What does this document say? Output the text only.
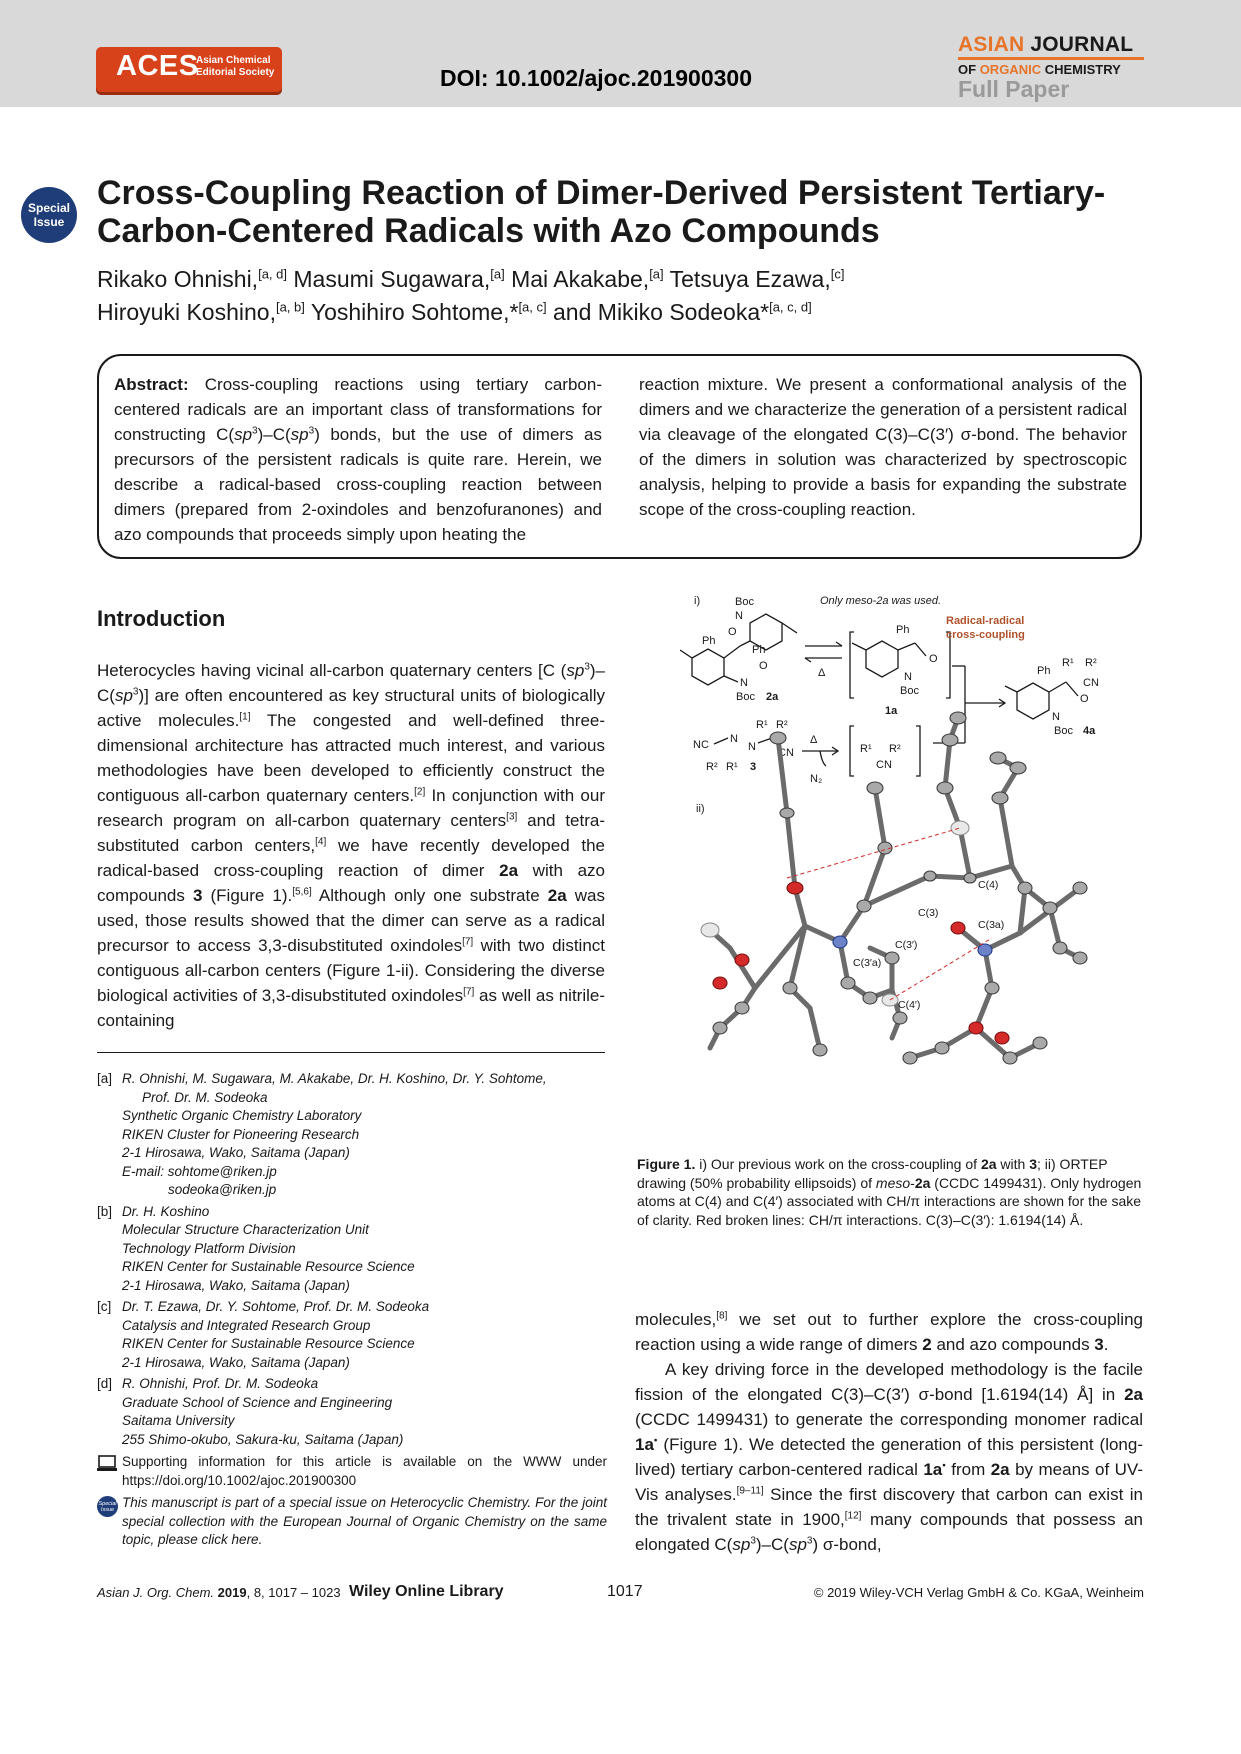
ACES
Asian Chemical
Editorial Society	DOI: 10.1002/ajoc.201900300
ASIAN JOURNAL
OF ORGANIC CHEMISTRY
Full Paper
Special
Issue
Cross-Coupling Reaction of Dimer-Derived Persistent Tertiary-
Carbon-Centered Radicals with Azo Compounds
Rikako Ohnishi,[a, d] Masumi Sugawara,[a] Mai Akakabe,[a] Tetsuya Ezawa,[c]
Hiroyuki Koshino,[a, b] Yoshihiro Sohtome,*[a, c] and Mikiko Sodeoka*[a, c, d]
Abstract: Cross-coupling reactions using tertiary carbon-centered radicals are an important class of transformations for constructing $C(sp^3)-C(sp^3)$ bonds, but the use of dimers as precursors of the persistent radicals is quite rare. Herein, we describe a radical-based cross-coupling reaction between dimers (prepared from 2-oxindoles and benzofuranones) and azo compounds that proceeds simply upon heating the
reaction mixture. We present a conformational analysis of the dimers and we characterize the generation of a persistent radical via cleavage of the elongated C(3)–C(3′) σ-bond. The behavior of the dimers in solution was characterized by spectroscopic analysis, helping to provide a basis for expanding the substrate scope of the cross-coupling reaction.
Introduction

Heterocycles having vicinal all-carbon quaternary centers [C $(sp^3)-C(sp^3)$] are often encountered as key structural units of biologically active molecules.[1] The congested and well-defined three-dimensional architecture has attracted much interest, and various methodologies have been developed to efficiently construct the contiguous all-carbon quaternary centers.[2] In conjunction with our research program on all-carbon quaternary centers[3] and tetra-substituted carbon centers,[4] we have recently developed the radical-based cross-coupling reaction of dimer 2a with azo compounds 3 (Figure 1).[5,6] Although only one substrate 2a was used, those results showed that the dimer can serve as a radical precursor to access 3,3-disubstituted oxindoles[7] with two distinct contiguous all-carbon centers (Figure 1-ii). Considering the diverse biological activities of 3,3-disubstituted oxindoles[7] as well as nitrile-containing

[a] R. Ohnishi, M. Sugawara, M. Akakabe, Dr. H. Koshino, Dr. Y. Sohtome,
Prof. Dr. M. Sodeoka
Synthetic Organic Chemistry Laboratory
RIKEN Cluster for Pioneering Research
2-1 Hirosawa, Wako, Saitama (Japan)
E-mail: sohtome@riken.jp
sodeoka@riken.jp
[b] Dr. H. Koshino
Molecular Structure Characterization Unit
Technology Platform Division
RIKEN Center for Sustainable Resource Science
2-1 Hirosawa, Wako, Saitama (Japan)
[c] Dr. T. Ezawa, Dr. Y. Sohtome, Prof. Dr. M. Sodeoka
Catalysis and Integrated Research Group
RIKEN Center for Sustainable Resource Science
2-1 Hirosawa, Wako, Saitama (Japan)
[d] R. Ohnishi, Prof. Dr. M. Sodeoka
Graduate School of Science and Engineering
Saitama University
255 Shimo-okubo, Sakura-ku, Saitama (Japan)
Supporting information for this article is available on the WWW under https://doi.org/10.1002/ajoc.201900300
Special
Issue This manuscript is part of a special issue on Heterocyclic Chemistry. For the joint special collection with the European Journal of Organic Chemistry on the same topic, please click here.
i)	Only meso-2a was used.
Boc
N
O
Ph
Ph
N
O
Boc 2a
Δ
Ph
O
N
Boc
1a
Radical-radical
cross-coupling
Ph
R¹ R²
CN
O
N
Boc 4a
NC N
N
R¹ R²
CN
R² R¹ 3
Δ
N₂
R¹ R²
CN
ii)
C(4)
C(3)
C(3a)
C(3′)
C(3′a)
C(4′)
Figure 1. i) Our previous work on the cross-coupling of 2a with 3; ii) ORTEP drawing (50% probability ellipsoids) of meso-2a (CCDC 1499431). Only hydrogen atoms at C(4) and C(4′) associated with CH/π interactions are shown for the sake of clarity. Red broken lines: CH/π interactions. C(3)–C(3′): 1.6194(14) Å.

molecules,[8] we set out to further explore the cross-coupling reaction using a wide range of dimers 2 and azo compounds 3.

A key driving force in the developed methodology is the facile fission of the elongated C(3)–C(3′) σ-bond [1.6194(14) Å] in 2a (CCDC 1499431) to generate the corresponding monomer radical 1a• (Figure 1). We detected the generation of this persistent (long-lived) tertiary carbon-centered radical 1a• from 2a by means of UV-Vis analyses.[9–11] Since the first discovery that carbon can exist in the trivalent state in 1900,[12] many compounds that possess an elongated $C(sp^3)-C(sp^3)$ σ-bond,

Asian J. Org. Chem. 2019, 8, 1017 – 1023 Wiley Online Library	1017	© 2019 Wiley-VCH Verlag GmbH & Co. KGaA, Weinheim
